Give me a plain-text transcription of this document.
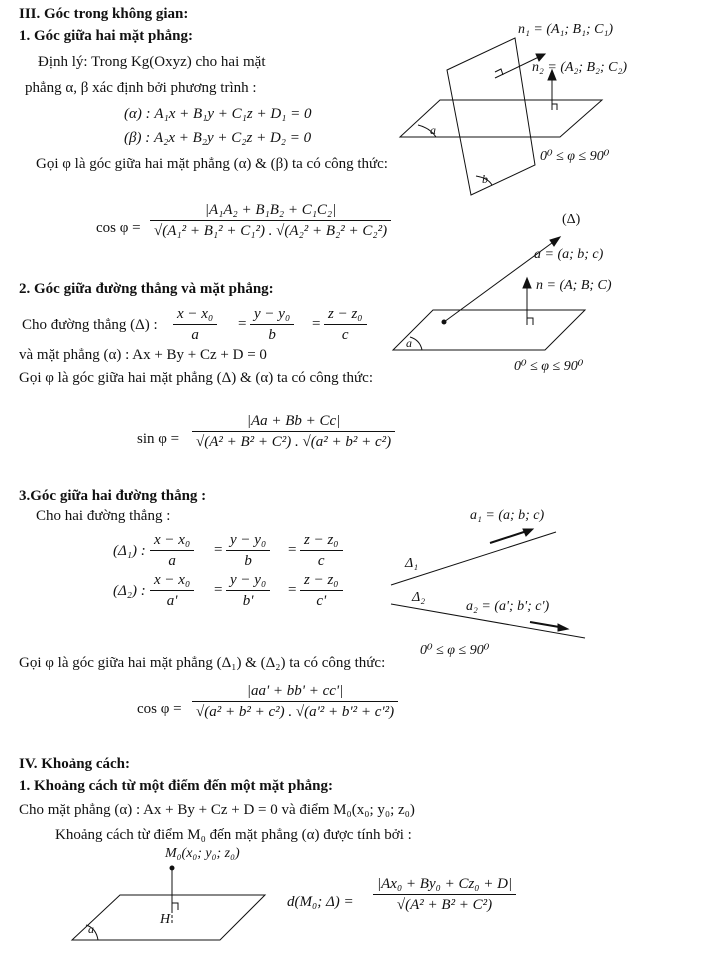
III. Góc trong không gian:
1. Góc giữa hai mặt phẳng:
Định lý: Trong Kg(Oxyz) cho hai mặt
phẳng α, β xác định bởi phương trình :
(α) : A₁x + B₁y + C₁z + D₁ = 0
(β) : A₂x + B₂y + C₂z + D₂ = 0
Gọi φ là góc giữa hai mặt phẳng (α) & (β) ta có công thức:
cos φ =
|A₁A₂ + B₁B₂ + C₁C₂|
√(A₁² + B₁² + C₁²) . √(A₂² + B₂² + C₂²)
n₁ = (A₁; B₁; C₁)
n₂ = (A₂; B₂; C₂)
0⁰ ≤ φ ≤ 90⁰
a
b
2. Góc giữa đường thẳng và mặt phẳng:
Cho đường thẳng (Δ) :
x − x₀
a
=
y − y₀
b
=
z − z₀
c
và mặt phẳng (α) : Ax + By + Cz + D = 0
Gọi φ là góc giữa hai mặt phẳng (Δ) & (α) ta có công thức:
sin φ =
|Aa + Bb + Cc|
√(A² + B² + C²) . √(a² + b² + c²)
(Δ)
a = (a; b; c)
n = (A; B; C)
0⁰ ≤ φ ≤ 90⁰
a
3.Góc giữa hai đường thẳng :
Cho hai đường thẳng :
(Δ₁) :
x − x₀
a
=
y − y₀
b
=
z − z₀
c
(Δ₂) :
x − x₀
a'
=
y − y₀
b'
=
z − z₀
c'
Gọi φ là góc giữa hai mặt phẳng (Δ₁) & (Δ₂) ta có công thức:
cos φ =
|aa' + bb' + cc'|
√(a² + b² + c²) . √(a'² + b'² + c'²)
a₁ = (a; b; c)
a₂ = (a'; b'; c')
Δ₁
Δ₂
0⁰ ≤ φ ≤ 90⁰
IV. Khoảng cách:
1. Khoảng cách từ một điểm đến một mặt phẳng:
Cho mặt phẳng (α) : Ax + By + Cz + D = 0 và điểm M₀(x₀; y₀; z₀)
Khoảng cách từ điểm M₀ đến mặt phẳng (α) được tính bởi :
M₀(x₀; y₀; z₀)
H
a
d(M₀; Δ) =
|Ax₀ + By₀ + Cz₀ + D|
√(A² + B² + C²)
